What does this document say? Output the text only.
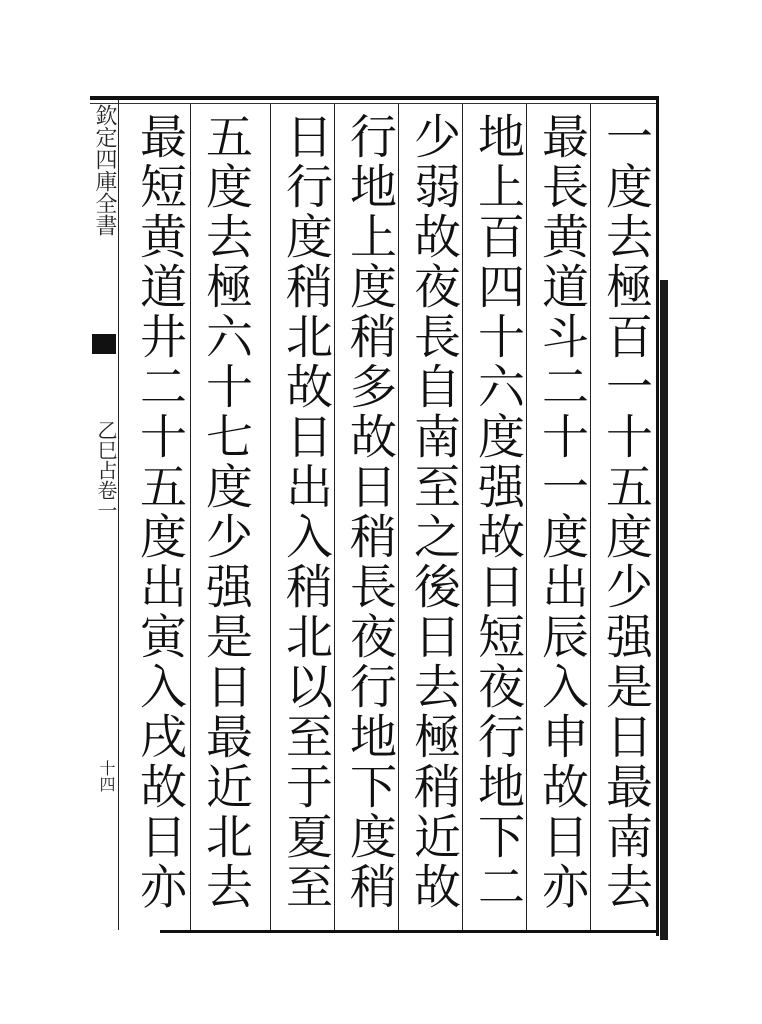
欽定四庫全書
乙巳占卷一
十四
一度去極百一十五度少强是日最南去
最長黄道斗二十一度出辰入申故日亦
地上百四十六度强故日短夜行地下二
少弱故夜長自南至之後日去極稍近故
行地上度稍多故日稍長夜行地下度稍
日行度稍北故日出入稍北以至于夏至
五度去極六十七度少强是日最近北去
最短黄道井二十五度出寅入戌故日亦
